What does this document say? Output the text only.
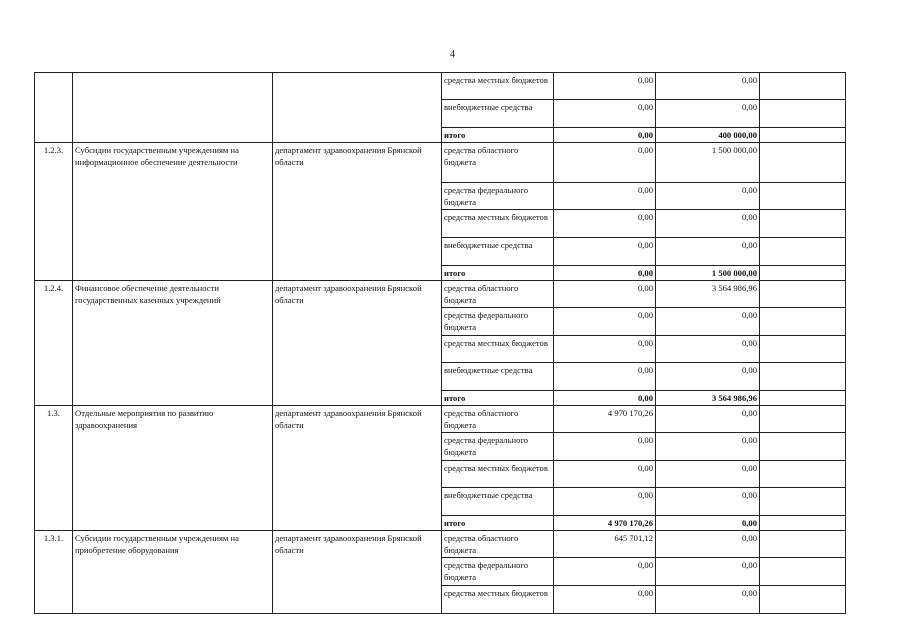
4
			средства местных бюджетов	0,00	0,00	
			внебюджетные средства	0,00	0,00	
			итого	0,00	400 000,00	
1.2.3.	Субсидии государственным учреждениям на информационное обеспечение деятельности	департамент здравоохранения Брянской области	средства областного бюджета	0,00	1 500 000,00	
			средства федерального бюджета	0,00	0,00	
			средства местных бюджетов	0,00	0,00	
			внебюджетные средства	0,00	0,00	
			итого	0,00	1 500 000,00	
1.2.4.	Финансовое обеспечение деятельности государственных казенных учреждений	департамент здравоохранения Брянской области	средства областного бюджета	0,00	3 564 986,96	
			средства федерального бюджета	0,00	0,00	
			средства местных бюджетов	0,00	0,00	
			внебюджетные средства	0,00	0,00	
			итого	0,00	3 564 986,96	
1.3.	Отдельные мероприятия по развитию здравоохранения	департамент здравоохранения Брянской области	средства областного бюджета	4 970 170,26	0,00	
			средства федерального бюджета	0,00	0,00	
			средства местных бюджетов	0,00	0,00	
			внебюджетные средства	0,00	0,00	
			итого	4 970 170,26	0,00	
1.3.1.	Субсидии государственным учреждениям на приобретение оборудования	департамент здравоохранения Брянской области	средства областного бюджета	645 701,12	0,00	
			средства федерального бюджета	0,00	0,00	
			средства местных бюджетов	0,00	0,00	
